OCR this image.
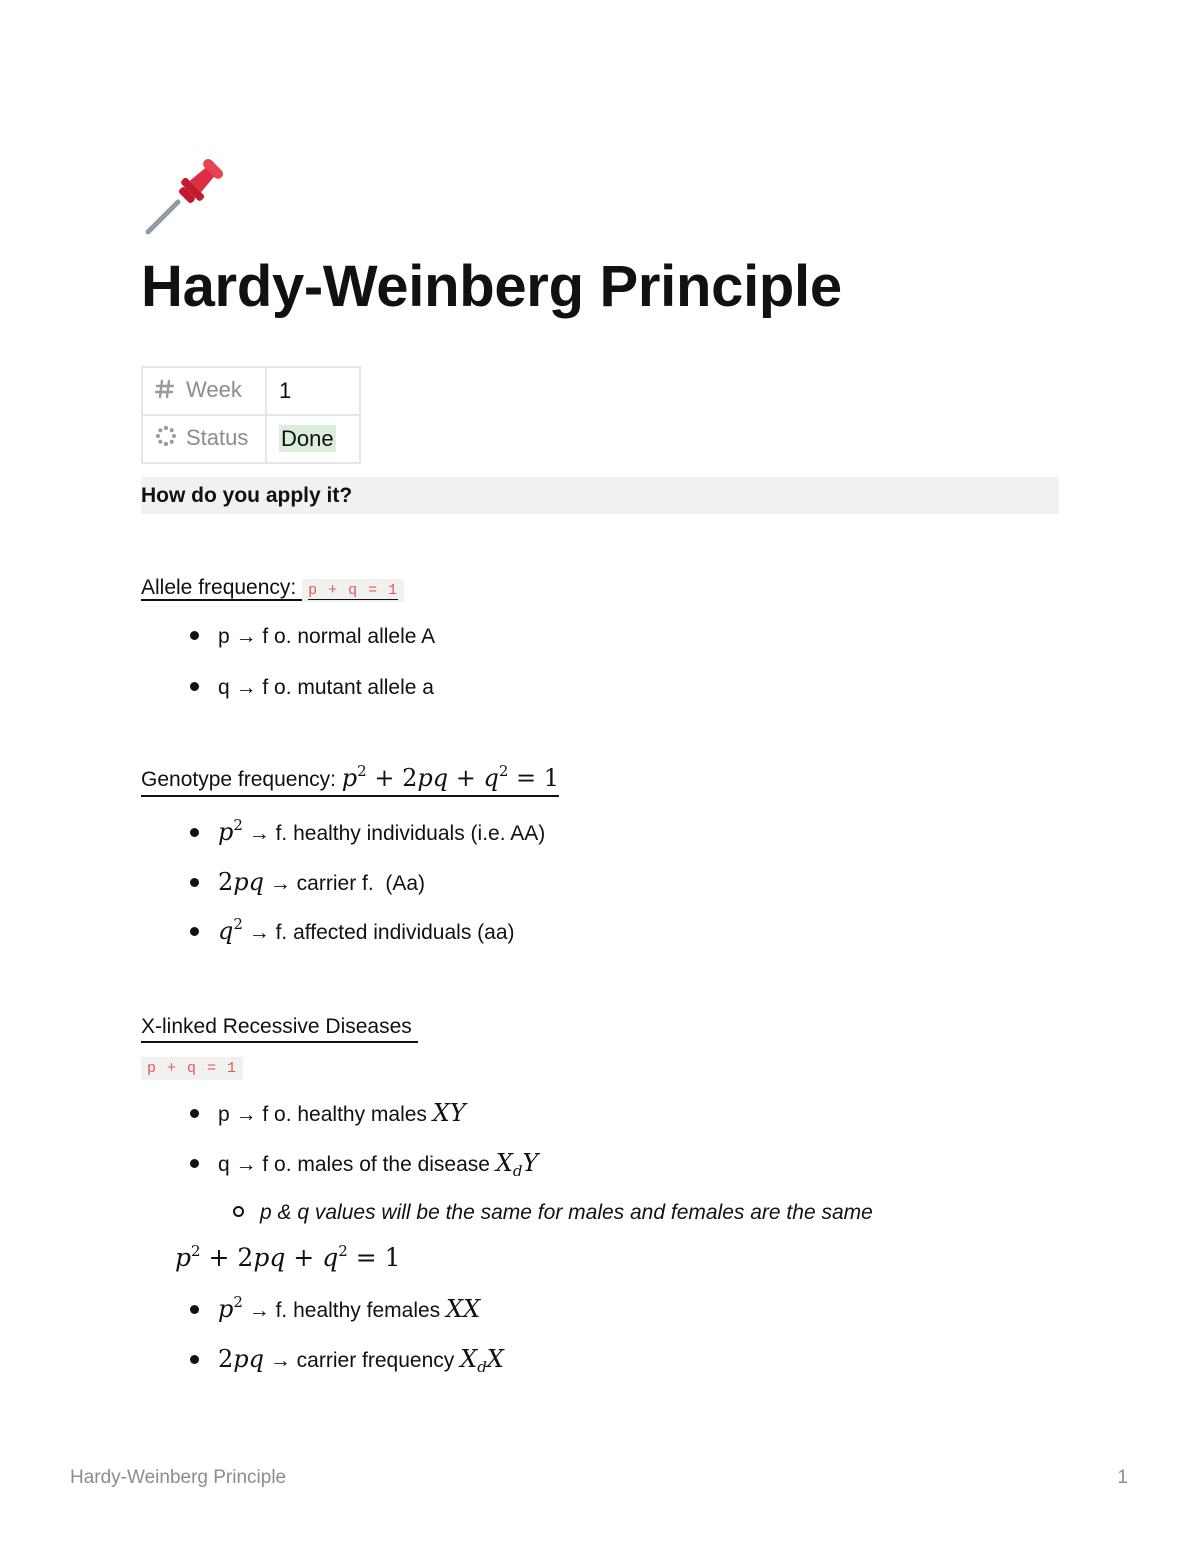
Hardy-Weinberg Principle
Week	1
Status	Done
How do you apply it?
Allele frequency: p + q = 1
p → f o. normal allele A
q → f o. mutant allele a
Genotype frequency: $p^2 + 2pq + q^2 = 1$
$p^2 \to f$. healthy individuals (i.e. AA)
2pq → carrier f.  (Aa)
$q^2 \to f$. affected individuals (aa)
X-linked Recessive Diseases
p + q = 1
p → f o. healthy males XY
q → f o. males of the disease $X_dY$
p & q values will be the same for males and females are the same
$p^2 + 2pq + q^2 = 1$
$p^2 \to f$. healthy females XX
2pq → carrier frequency $X_dX$
Hardy-Weinberg Principle	1
